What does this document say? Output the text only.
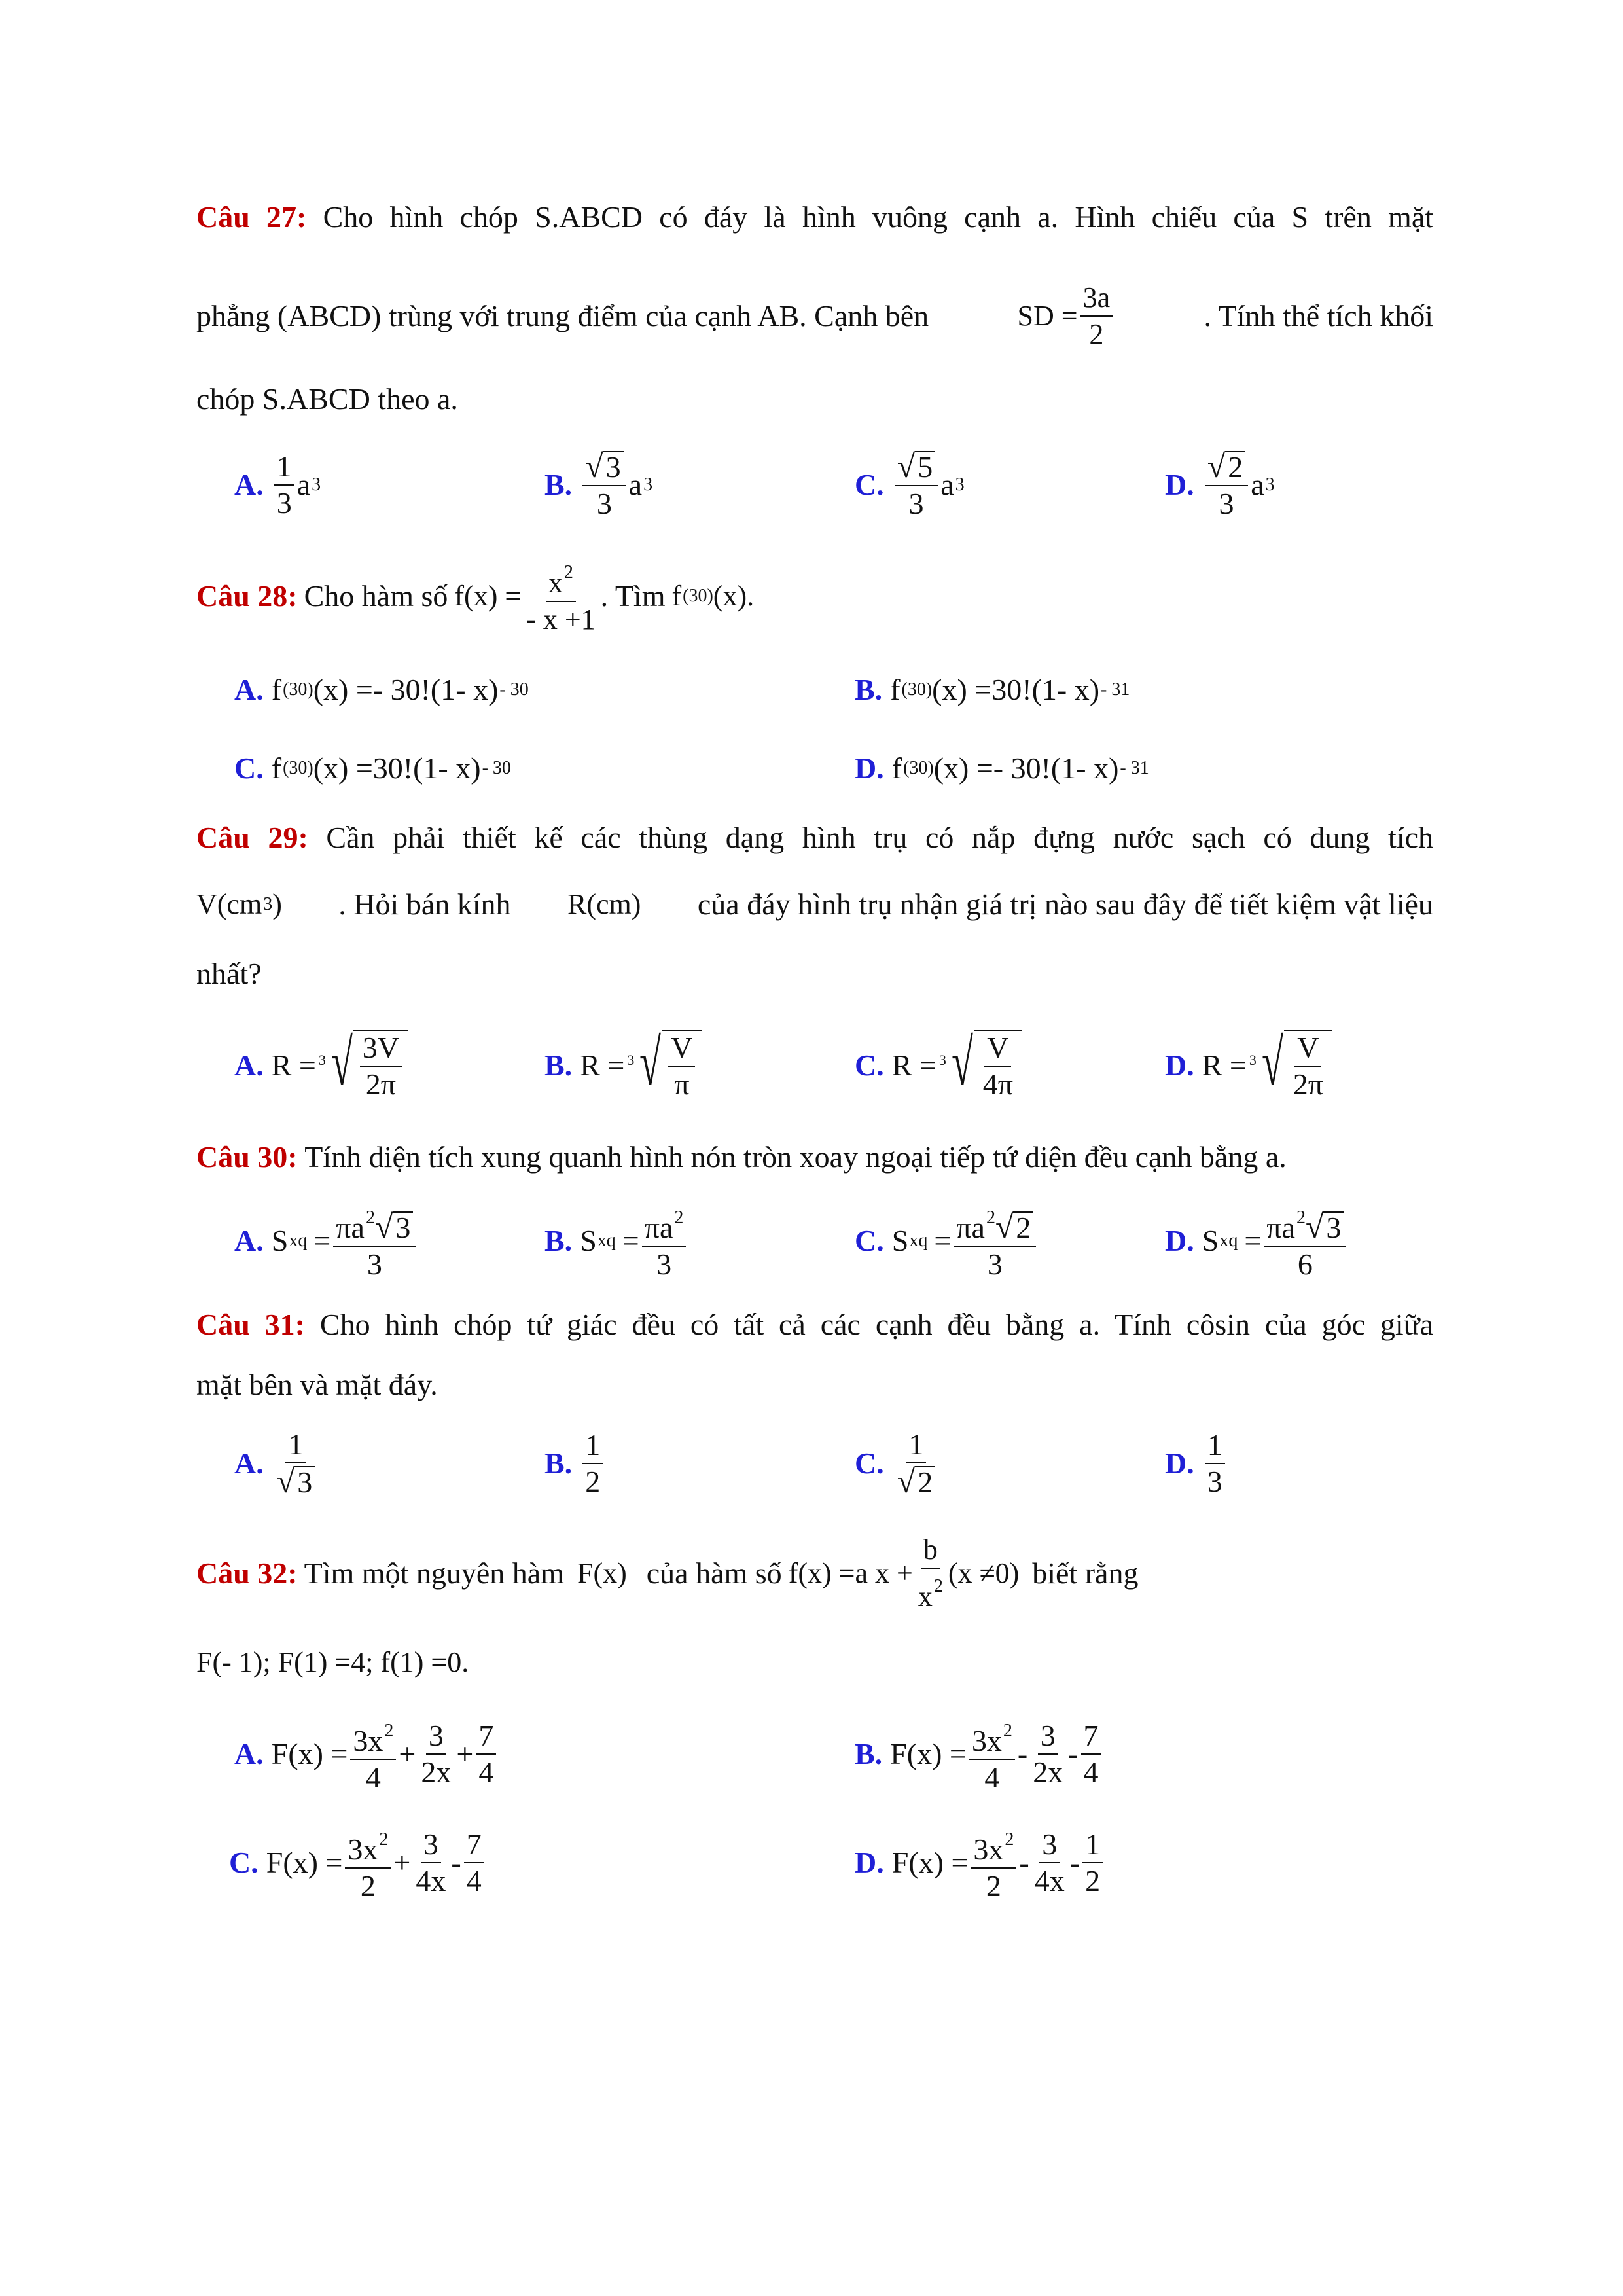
Câu 27: Cho hình chóp S.ABCD có đáy là hình vuông cạnh a. Hình chiếu của S trên mặt
phẳng (ABCD) trùng với trung điểm của cạnh AB. Cạnh bên	SD = $\frac{3a}{2}$	. Tính thể tích khối
chóp S.ABCD theo a.
A. $\frac{1}{3}$ a 3	B. $\frac{√ 3}{3}$ a 3	C. $\frac{√ 5}{3}$ a 3	D. $\frac{√ 2}{3}$ a 3
Câu 28: Cho hàm số $f(x) = \frac{x^2}{- x +1}$ . Tìm f (30) (x).
A. f (30) (x) =- 30!(1- x) - 30	B. f (30) (x) =30!(1- x) - 31
C. f (30) (x) =30!(1- x) - 30	D. f (30) (x) =- 30!(1- x) - 31
Câu 29: Cần phải thiết kế các thùng dạng hình trụ có nắp đựng nước sạch có dung tích
V(cm 3 ) . Hỏi bán kính R(cm) của đáy hình trụ nhận giá trị nào sau đây để tiết kiệm vật liệu
nhất?
A. R = 3 √ $\frac{3V}{2\pi}$	B. R = 3 √ $\frac{V}{\pi}$	C. R = 3 √ $\frac{V}{4\pi}$	D. R = 3 √ $\frac{V}{2\pi}$
Câu 30: Tính diện tích xung quanh hình nón tròn xoay ngoại tiếp tứ diện đều cạnh bằng a.
A. S xq = $\frac{\pi a^2 √ 3}{3}$	B. S xq = $\frac{\pi a^2}{3}$	C. S xq = $\frac{\pi a^2 √ 2}{3}$	D. S xq = $\frac{\pi a^2 √ 3}{6}$
Câu 31: Cho hình chóp tứ giác đều có tất cả các cạnh đều bằng a. Tính côsin của góc giữa
mặt bên và mặt đáy.
A. $\frac{1}{√ 3}$	B. $\frac{1}{2}$	C. $\frac{1}{√ 2}$	D. $\frac{1}{3}$
Câu 32: Tìm một nguyên hàm F(x) của hàm số f(x) =a $x + \frac{b}{x^2} (x \ne 0)$ biết rằng
F(- 1); F(1) =4; f(1) =0.
A. $F(x) = \frac{3x^2}{4} + \frac{3}{2x} + \frac{7}{4}$	B. $F(x) = \frac{3x^2}{4} - \frac{3}{2x} - \frac{7}{4}$
C. $F(x) = \frac{3x^2}{2} + \frac{3}{4x} - \frac{7}{4}$	D. $F(x) = \frac{3x^2}{2} - \frac{3}{4x} - \frac{1}{2}$
